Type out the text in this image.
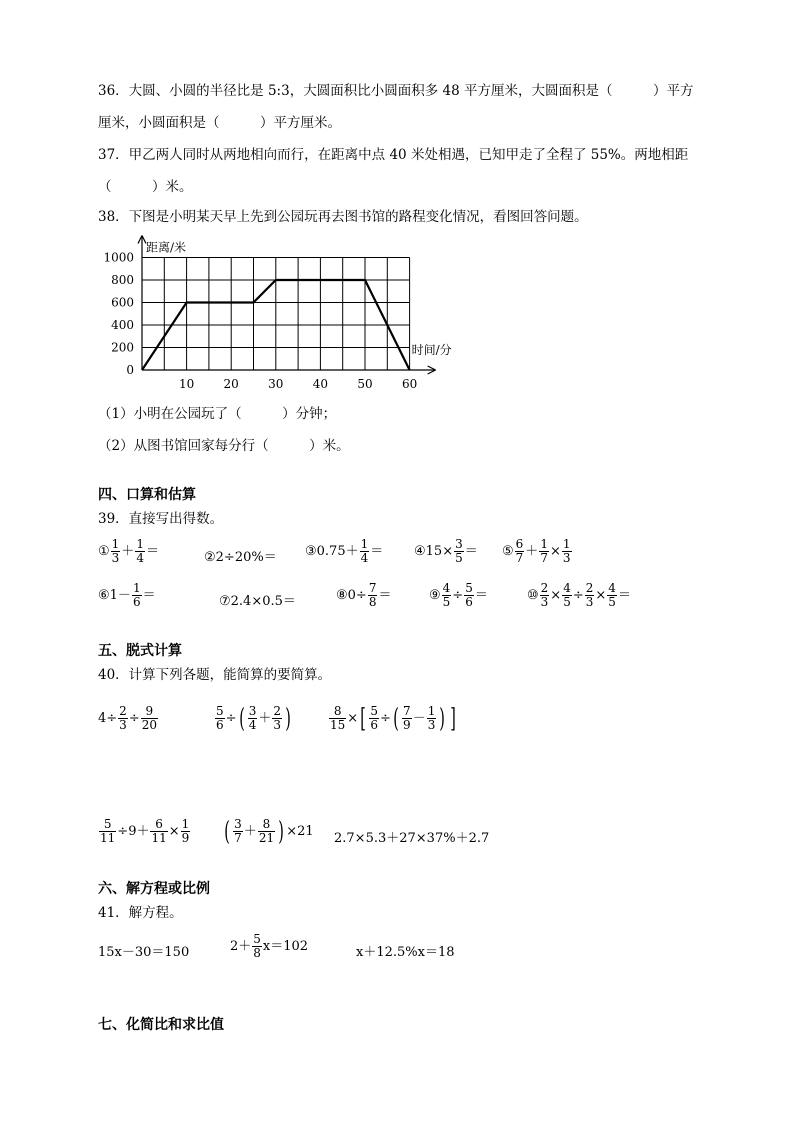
36．大圆、小圆的半径比是 5:3，大圆面积比小圆面积多 48 平方厘米，大圆面积是（　　　）平方
厘米，小圆面积是（　　　）平方厘米。
37．甲乙两人同时从两地相向而行，在距离中点 40 米处相遇，已知甲走了全程了 55%。两地相距
（　　　）米。
38．下图是小明某天早上先到公园玩再去图书馆的路程变化情况，看图回答问题。
0
200
400
600
800
1000
10 20 30 40 50 60
距离/米
时间/分
（1）小明在公园玩了（　　　）分钟；
（2）从图书馆回家每分行（　　　）米。
四、口算和估算
39．直接写出得数。
① $\frac{1}{3} + \frac{1}{4}$ ＝	②2÷20%＝ ③0.75＋ $\frac{1}{4}$ ＝ ④15× $\frac{3}{5}$ ＝ ⑤ $\frac{6}{7} + \frac{1}{7} \times \frac{1}{3}$
⑥1－ $\frac{1}{6}$ ＝	⑦2.4×0.5＝	⑧0÷ $\frac{7}{8}$ ＝	⑨ $\frac{4}{5} \div \frac{5}{6}$ ＝	⑩ $\frac{2}{3} \times \frac{4}{5} \div \frac{2}{3} \times \frac{4}{5}$ ＝
五、脱式计算
40．计算下列各题，能简算的要简算。
$4\div \frac{2}{3} \div \frac{9}{20}$	$\frac{5}{6}$ ÷( $\frac{3}{4} + \frac{2}{3}$ )	$\frac{8}{15}$ ×[ $\frac{5}{6}$ ÷( $\frac{7}{9} - \frac{1}{3}$ ) ]
$\frac{5}{11} \div 9+ \frac{6}{11} \times \frac{1}{9}$ ( $\frac{3}{7} + \frac{8}{21}$ ) ×21 2.7×5.3＋27×37%＋2.7
六、解方程或比例
41．解方程。
15x－30＝150	$2+ \frac{5}{8} x=102$	x＋12.5%x＝18
七、化简比和求比值
